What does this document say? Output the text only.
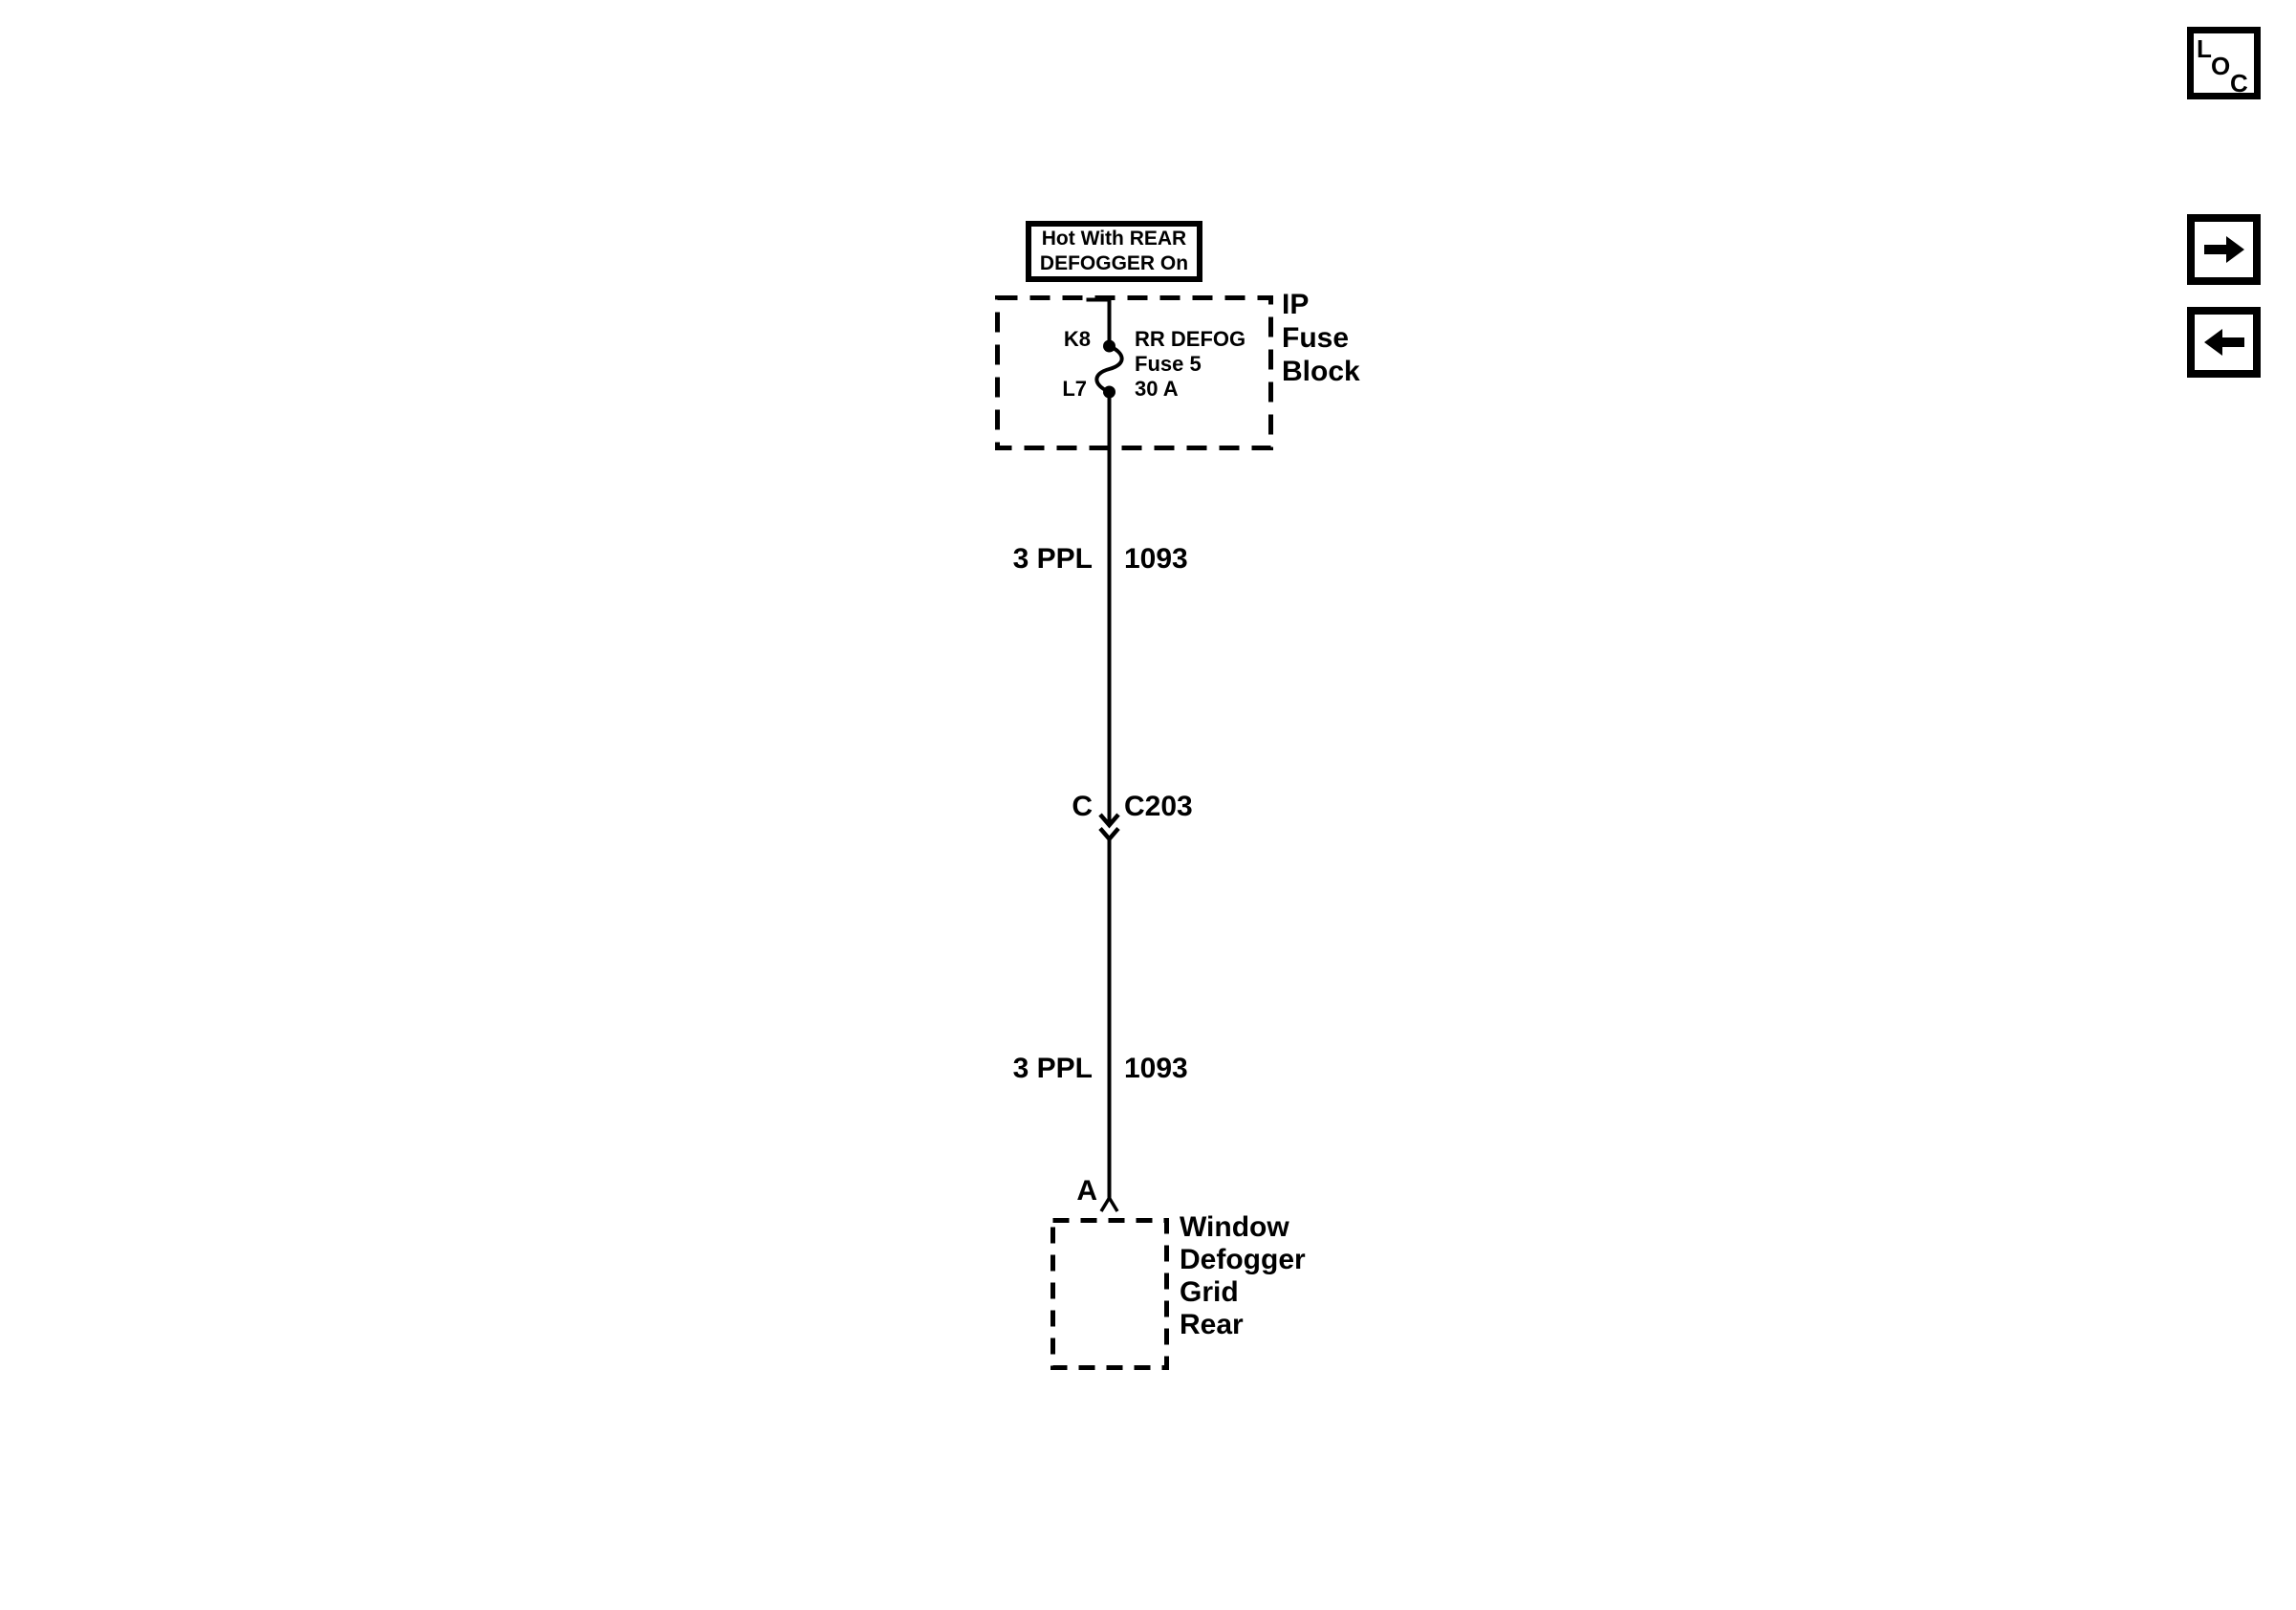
Hot With REAR
DEFOGGER On
IP
Fuse
Block
K8
L7
RR DEFOG
Fuse 5
30 A
3 PPL 1093
C C203
3 PPL 1093
A
Window
Defogger
Grid
Rear
L
O
C
